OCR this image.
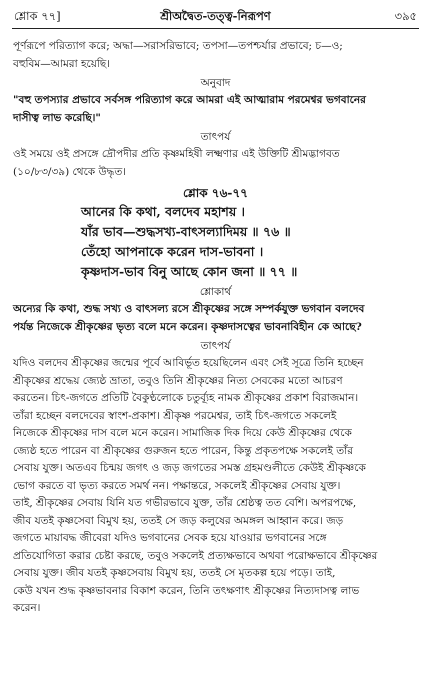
শ্লোক ৭৭]	শ্রীঅদ্বৈত-তত্ত্ব-নিরূপণ	৩৯৫

পূর্ণরূপে পরিত্যাগ করে; অদ্ধা—সরাসরিভাবে; তপসা—তপশ্চর্যার প্রভাবে; চ—ও;

বহুবিম—আমরা হয়েছি।

অনুবাদ

"বহু তপস্যার প্রভাবে সর্বসঙ্গ পরিত্যাগ করে আমরা এই আত্মারাম পরমেশ্বর ভগবানের

দাসীত্ব লাভ করেছি।"

তাৎপর্য

ওই সময়ে ওই প্রসঙ্গে দ্রৌপদীর প্রতি কৃষ্ণমহিষী লক্ষ্মণার এই উক্তিটি শ্রীমদ্ভাগবত

(১০/৮৩/৩৯) থেকে উদ্ধৃত।

শ্লোক ৭৬-৭৭
আনের কি কথা, বলদেব মহাশয় ।
যাঁর ভাব—শুদ্ধসখ্য-বাৎসল্যাদিময় ॥ ৭৬ ॥
তেঁহো আপনাকে করেন দাস-ভাবনা ।
কৃষ্ণদাস-ভাব বিনু আছে কোন জনা ॥ ৭৭ ॥
শ্লোকার্থ

অন্যের কি কথা, শুদ্ধ সখ্য ও বাৎসল্য রসে শ্রীকৃষ্ণের সঙ্গে সম্পর্কযুক্ত ভগবান বলদেব

পর্যন্ত নিজেকে শ্রীকৃষ্ণের ভৃত্য বলে মনে করেন। কৃষ্ণদাসত্বের ভাবনাবিহীন কে আছে?

তাৎপর্য

যদিও বলদেব শ্রীকৃষ্ণের জন্মের পূর্বে আবির্ভূত হয়েছিলেন এবং সেই সূত্রে তিনি হচ্ছেন

শ্রীকৃষ্ণের শ্রদ্ধেয় জ্যেষ্ঠ ভ্রাতা, তবুও তিনি শ্রীকৃষ্ণের নিত্য সেবকের মতো আচরণ

করতেন। চিৎ-জগতে প্রতিটি বৈকুণ্ঠলোকে চতুর্ব্যূহ নামক শ্রীকৃষ্ণের প্রকাশ বিরাজমান।

তাঁরা হচ্ছেন বলদেবের স্বাংশ-প্রকাশ। শ্রীকৃষ্ণ পরমেশ্বর, তাই চিৎ-জগতে সকলেই

নিজেকে শ্রীকৃষ্ণের দাস বলে মনে করেন। সামাজিক দিক দিয়ে কেউ শ্রীকৃষ্ণের থেকে

জ্যেষ্ঠ হতে পারেন বা শ্রীকৃষ্ণের গুরুজন হতে পারেন, কিন্তু প্রকৃতপক্ষে সকলেই তাঁর

সেবায় যুক্ত। অতএব চিন্ময় জগৎ ও জড় জগতের সমস্ত গ্রহমণ্ডলীতে কেউই শ্রীকৃষ্ণকে

ভোগ করতে বা ভৃত্য করতে সমর্থ নন। পক্ষান্তরে, সকলেই শ্রীকৃষ্ণের সেবায় যুক্ত।

তাই, শ্রীকৃষ্ণের সেবায় যিনি যত গভীরভাবে যুক্ত, তাঁর শ্রেষ্ঠত্ব তত বেশি। অপরপক্ষে,

জীব যতই কৃষ্ণসেবা বিমুখ হয়, ততই সে জড় কলুষের অমঙ্গল আহ্বান করে। জড়

জগতে মায়াবদ্ধ জীবেরা যদিও ভগবানের সেবক হয়ে যাওয়ার ভগবানের সঙ্গে

প্রতিযোগিতা করার চেষ্টা করছে, তবুও সকলেই প্রত্যক্ষভাবে অথবা পরোক্ষভাবে শ্রীকৃষ্ণের

সেবায় যুক্ত। জীব যতই কৃষ্ণসেবায় বিমুখ হয়, ততই সে মৃতকল্প হয়ে পড়ে। তাই,

কেউ যখন শুদ্ধ কৃষ্ণভাবনার বিকাশ করেন, তিনি তৎক্ষণাৎ শ্রীকৃষ্ণের নিত্যদাসত্ব লাভ

করেন।
